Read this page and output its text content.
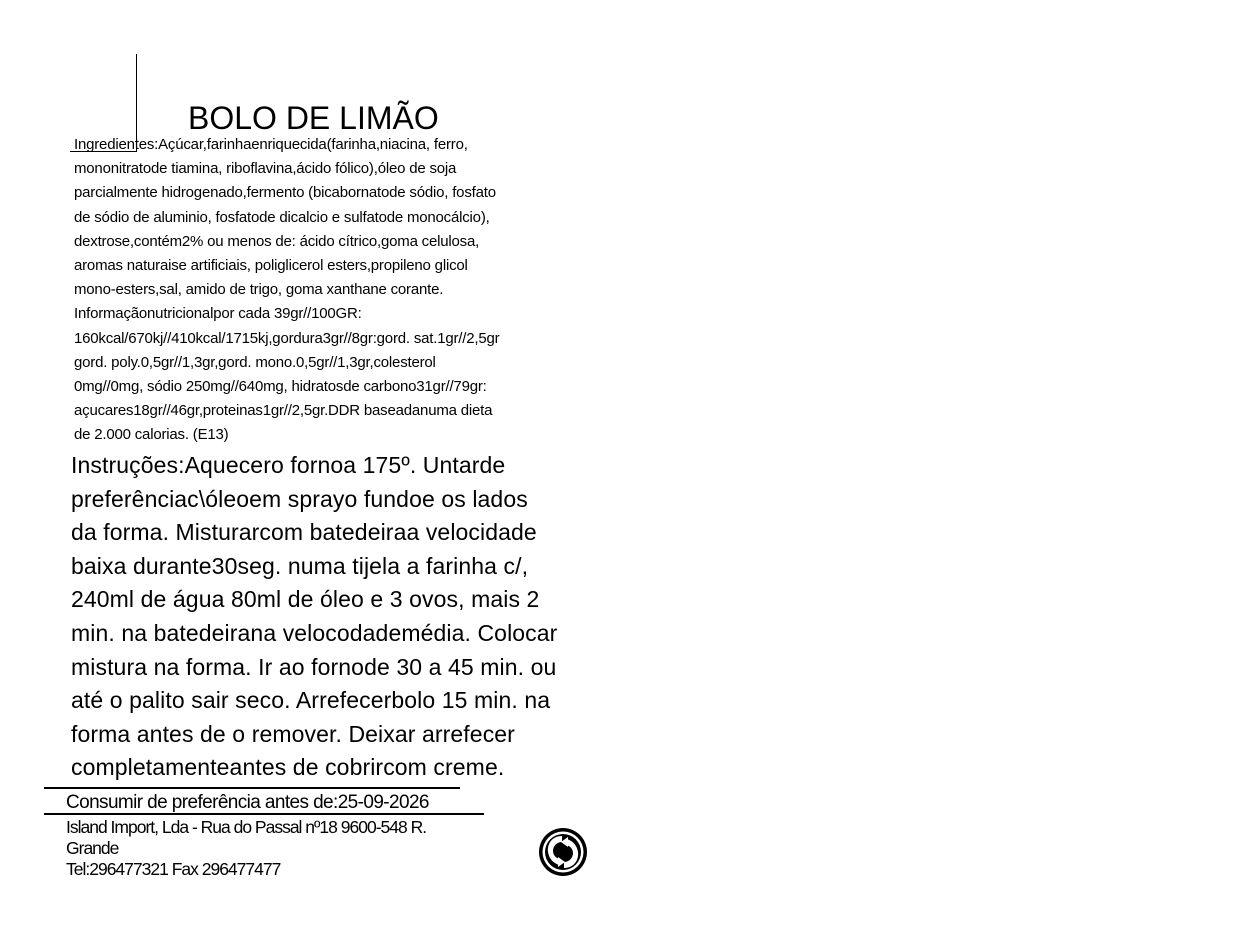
BOLO DE LIMÃO

Ingredientes:Açúcar,farinhaenriquecida(farinha,niacina, ferro,

mononitratode tiamina, riboflavina,ácido fólico),óleo de soja

parcialmente hidrogenado,fermento (bicabornatode sódio, fosfato

de sódio de aluminio, fosfatode dicalcio e sulfatode monocálcio),

dextrose,contém2% ou menos de: ácido cítrico,goma celulosa,

aromas naturaise artificiais, poliglicerol esters,propileno glicol

mono-esters,sal, amido de trigo, goma xanthane corante.

Informaçãonutricionalpor cada 39gr//100GR:

160kcal/670kj//410kcal/1715kj,gordura3gr//8gr:gord. sat.1gr//2,5gr

gord. poly.0,5gr//1,3gr,gord. mono.0,5gr//1,3gr,colesterol

0mg//0mg, sódio 250mg//640mg, hidratosde carbono31gr//79gr:

açucares18gr//46gr,proteinas1gr//2,5gr.DDR baseadanuma dieta

de 2.000 calorias. (E13)

Instruções:Aquecero fornoa 175º. Untarde

preferênciac\óleoem sprayo fundoe os lados

da forma. Misturarcom batedeiraa velocidade

baixa durante30seg. numa tijela a farinha c/,

240ml de água 80ml de óleo e 3 ovos, mais 2

min. na batedeirana velocodademédia. Colocar

mistura na forma. Ir ao fornode 30 a 45 min. ou

até o palito sair seco. Arrefecerbolo 15 min. na

forma antes de o remover. Deixar arrefecer

completamenteantes de cobrircom creme.

Consumir de preferência antes de:25-09-2026

Island Import, Lda - Rua do Passal nº18 9600-548 R.

Grande

Tel:296477321 Fax 296477477
